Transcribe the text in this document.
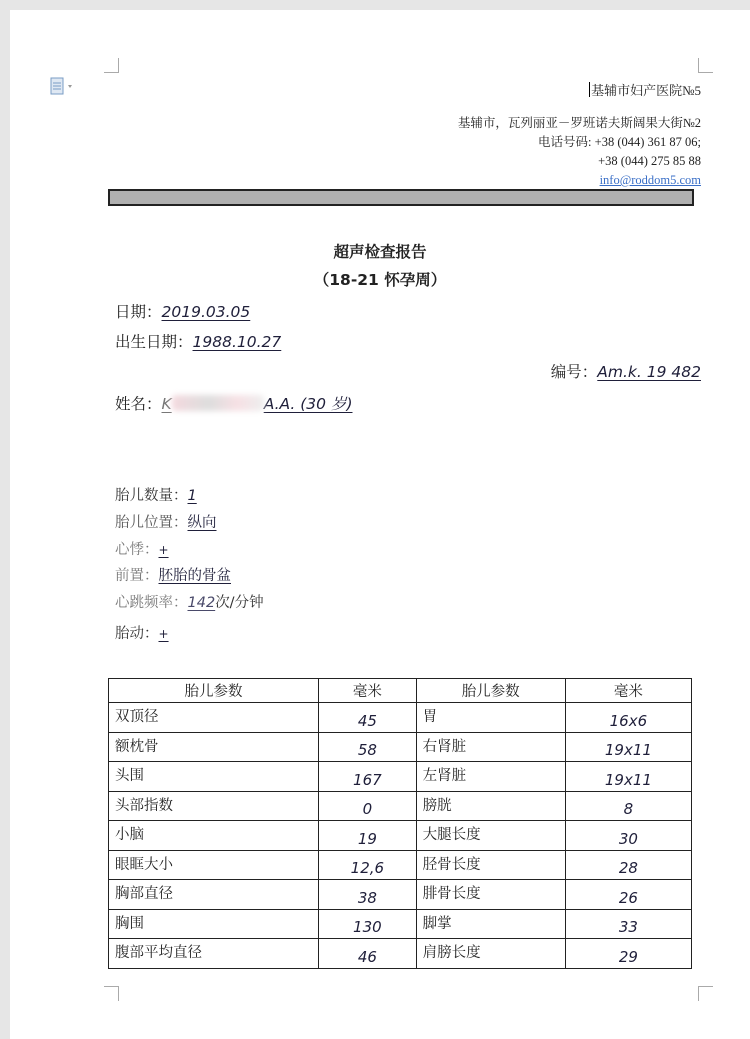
基辅市妇产医院№5
基辅市，瓦列丽亚－罗班诺夫斯阔果大街№2
电话号码: +38 (044) 361 87 06;
+38 (044) 275 85 88
info@roddom5.com
超声检查报告
（18-21 怀孕周）
日期：2019.03.05
出生日期：1988.10.27
编号：Am.k. 19 482
姓名：K	A.A. (30 岁)
胎儿数量：1
胎儿位置：纵向
心悸：+
前置：胚胎的骨盆
心跳频率：142次/分钟
胎动：+
胎儿参数	毫米	胎儿参数	毫米
双顶径	45	胃	16x6
额枕骨	58	右肾脏	19x11
头围	167	左肾脏	19x11
头部指数	0	膀胱	8
小脑	19	大腿长度	30
眼眶大小	12,6	胫骨长度	28
胸部直径	38	腓骨长度	26
胸围	130	脚掌	33
腹部平均直径	46	肩膀长度	29
